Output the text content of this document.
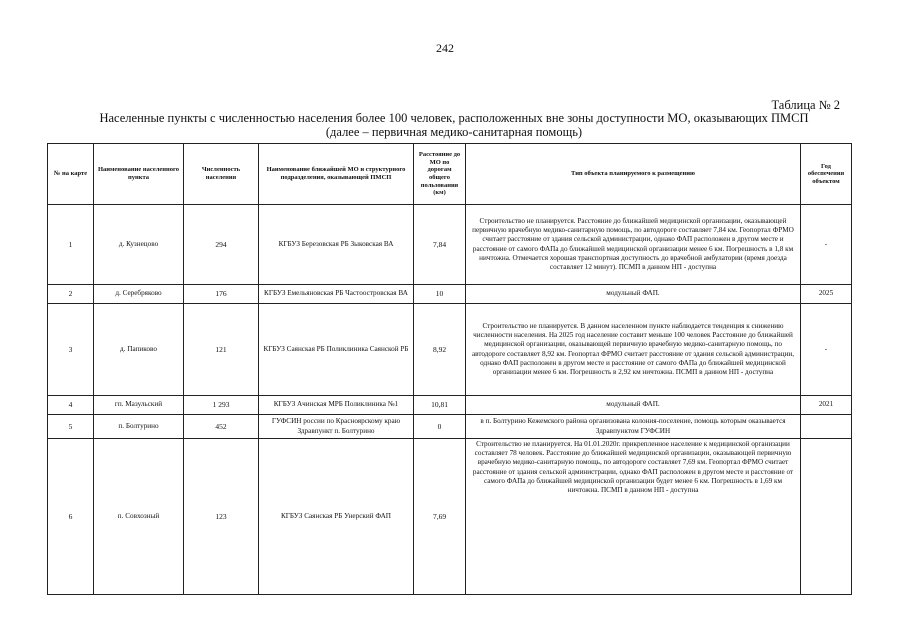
242
Таблица № 2
Населенные пункты с численностью населения более 100 человек, расположенных вне зоны доступности МО, оказывающих ПМСП
(далее – первичная медико-санитарная помощь)
№ на карте	Наименование населенного пункта	Численность населения	Наименование ближайшей МО и структурного подразделения, оказывающей ПМСП	Расстояние до МО по дорогам общего пользования (км)	Тип объекта планируемого к размещению	Год обеспечения объектом
1	д. Кузнецово	294	КГБУЗ Березовская РБ Зыковская ВА	7,84	Строительство не планируется. Расстояние до ближайшей медицинской организации, оказывающей первичную врачебную медико-санитарную помощь, по автодороге составляет 7,84 км. Геопортал ФРМО считает расстояние от здания сельской администрации, однако ФАП расположен в другом месте и расстояние от самого ФАПа до ближайшей медицинской организации менее 6 км. Погрешность в 1,8 км ничтожна. Отмечается хорошая транспортная доступность до врачебной амбулатории (время доезда составляет 12 минут). ПСМП в данном НП - доступна	-
2	д. Серебряково	176	КГБУЗ Емельяновская РБ Частоостровская ВА	10	модульный ФАП.	2025
3	д. Папиково	121	КГБУЗ Саянская РБ Поликлиника Саянской РБ	8,92	Строительство не планируется. В данном населенном пункте наблюдается тенденция к снижению численности населения. На 2025 год население составит меньше 100 человек Расстояние до ближайшей медицинской организации, оказывающей первичную врачебную медико-санитарную помощь, по автодороге составляет 8,92 км. Геопортал ФРМО считает расстояние от здания сельской администрации, однако ФАП расположен в другом месте и расстояние от самого ФАПа до ближайшей медицинской организации менее 6 км. Погрешность в 2,92 км ничтожна. ПСМП в данном НП - доступна	-
4	гп. Мазульский	1 293	КГБУЗ Ачинская МРБ Поликлиника №1	10,81	модульный ФАП.	2021
5	п. Болтурино	452	ГУФСИН россии по Красноярскому краю Здравпункт п. Болтурино	0	в п. Болтурино Кежемского района организована колония-поселение, помощь которым оказывается Здравпунктом ГУФСИН	
6	п. Совхозный	123	КГБУЗ Саянская РБ Унерский ФАП	7,69	Строительство не планируется. На 01.01.2020г. прикрепленное население к медицинской организации составляет 78 человек. Расстояние до ближайшей медицинской организации, оказывающей первичную врачебную медико-санитарную помощь, по автодороге составляет 7,69 км. Геопортал ФРМО считает расстояние от здания сельской администрации, однако ФАП расположен в другом месте и расстояние от самого ФАПа до ближайшей медицинской организации будет менее 6 км. Погрешность в 1,69 км ничтожна. ПСМП в данном НП - доступна	
